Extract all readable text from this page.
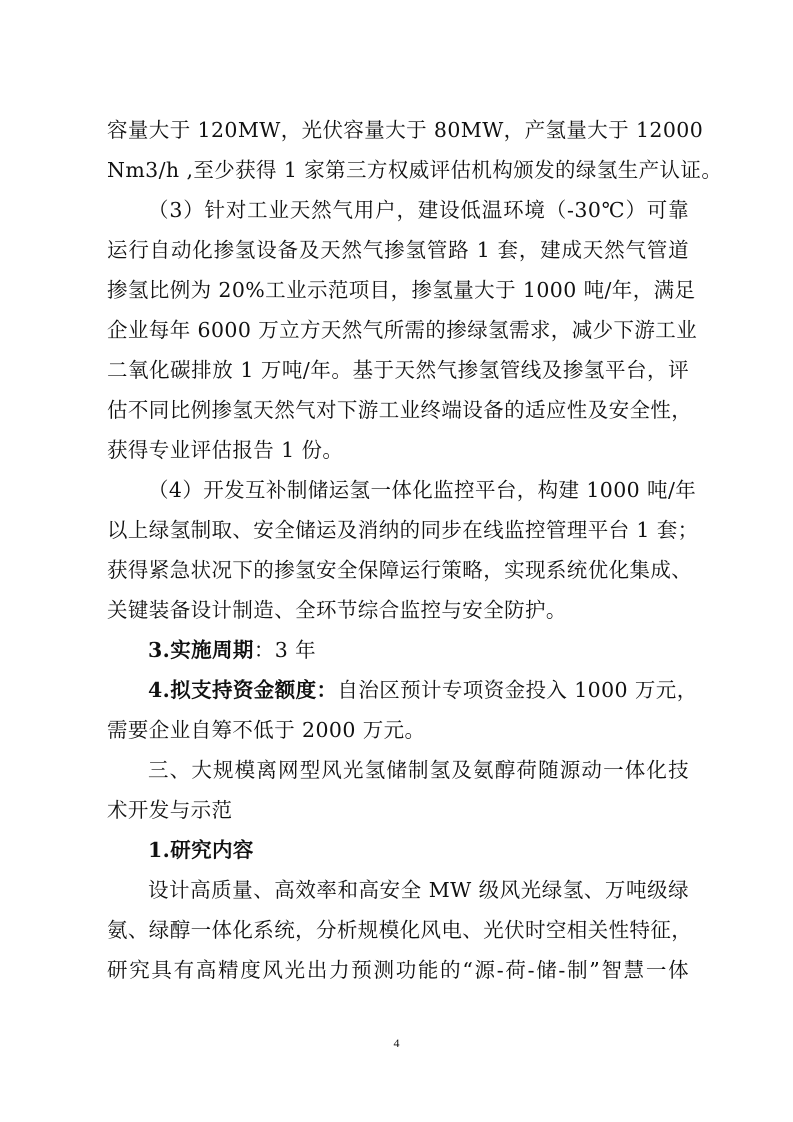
容量大于 120MW，光伏容量大于 80MW，产氢量大于 12000
Nm3/h ,至少获得 1 家第三方权威评估机构颁发的绿氢生产认证。
（3）针对工业天然气用户，建设低温环境（-30℃）可靠
运行自动化掺氢设备及天然气掺氢管路 1 套，建成天然气管道
掺氢比例为 20%工业示范项目，掺氢量大于 1000 吨/年，满足
企业每年 6000 万立方天然气所需的掺绿氢需求，减少下游工业
二氧化碳排放 1 万吨/年。基于天然气掺氢管线及掺氢平台，评
估不同比例掺氢天然气对下游工业终端设备的适应性及安全性，
获得专业评估报告 1 份。
（4）开发互补制储运氢一体化监控平台，构建 1000 吨/年
以上绿氢制取、安全储运及消纳的同步在线监控管理平台 1 套；
获得紧急状况下的掺氢安全保障运行策略，实现系统优化集成、
关键装备设计制造、全环节综合监控与安全防护。
3.实施周期：3 年
4.拟支持资金额度：自治区预计专项资金投入 1000 万元，
需要企业自筹不低于 2000 万元。
三、大规模离网型风光氢储制氢及氨醇荷随源动一体化技
术开发与示范
1.研究内容
设计高质量、高效率和高安全 MW 级风光绿氢、万吨级绿
氨、绿醇一体化系统，分析规模化风电、光伏时空相关性特征，
研究具有高精度风光出力预测功能的“源-荷-储-制”智慧一体
4
